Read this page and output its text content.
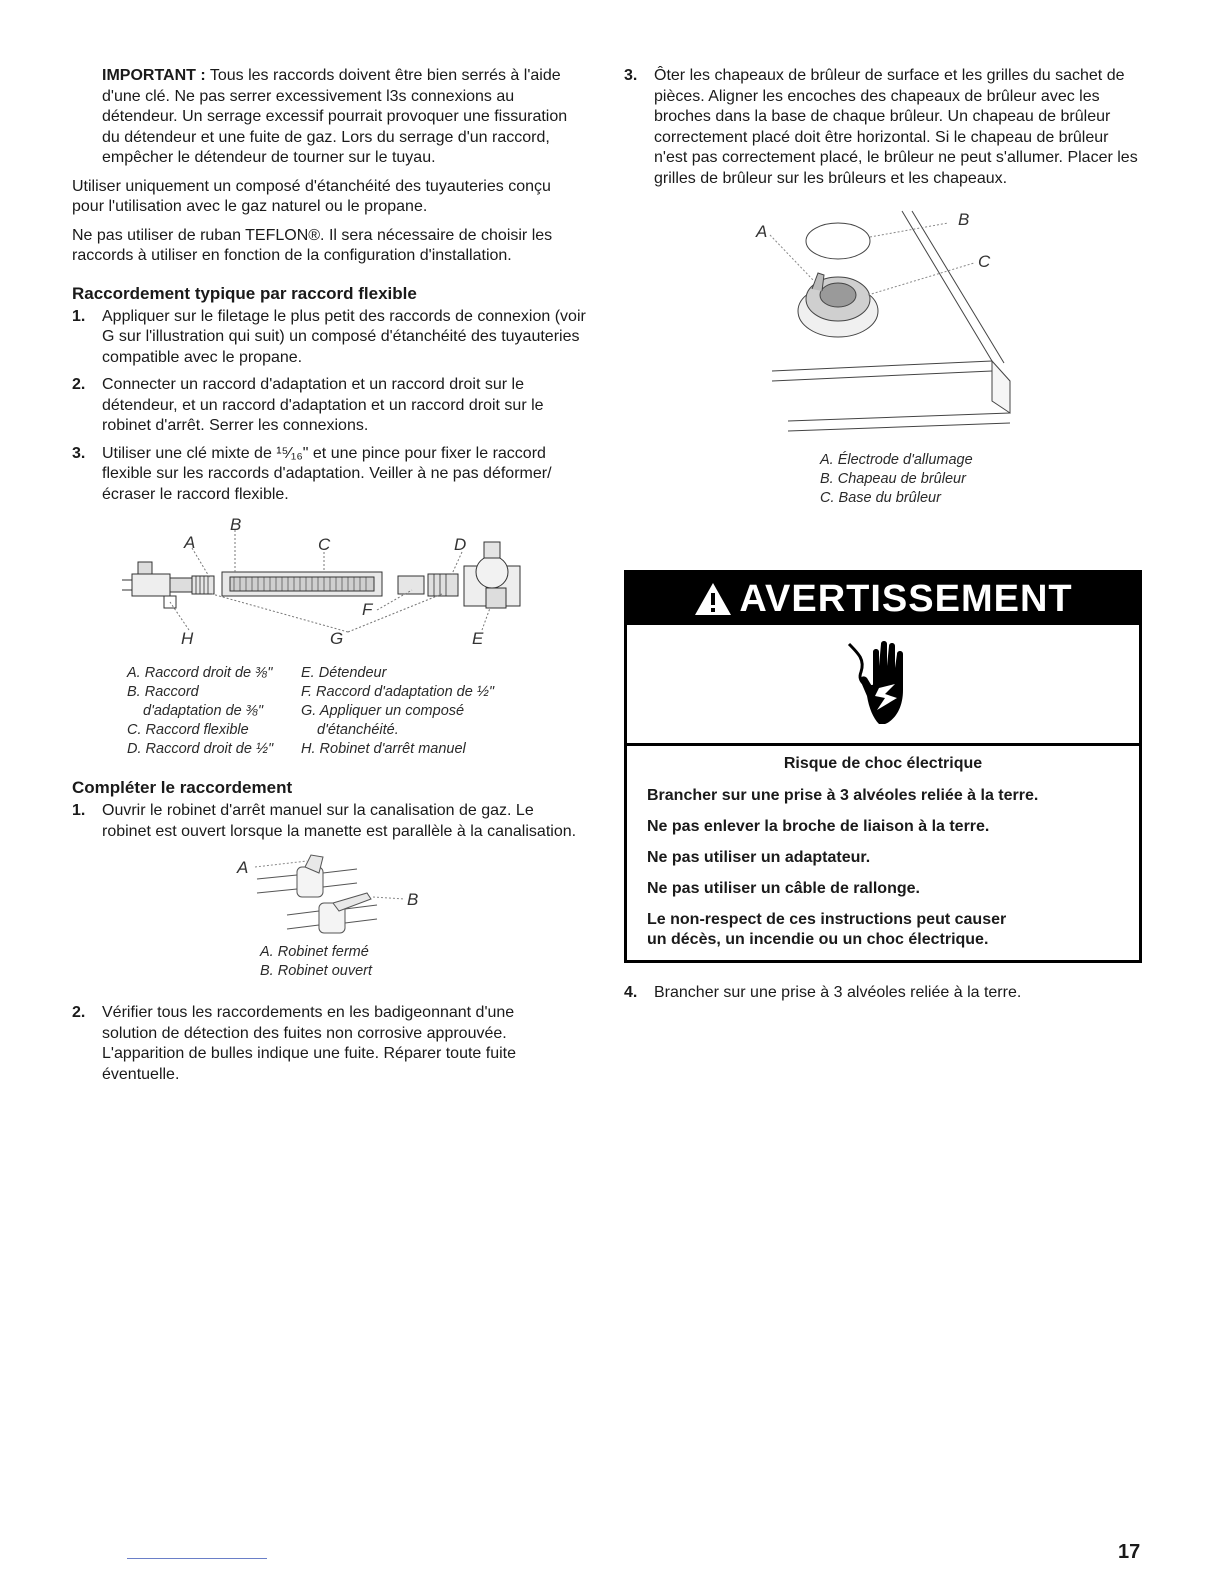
IMPORTANT : Tous les raccords doivent être bien serrés à l'aide d'une clé. Ne pas serrer excessivement l3s connexions au détendeur. Un serrage excessif pourrait provoquer une fissuration du détendeur et une fuite de gaz. Lors du serrage d'un raccord, empêcher le détendeur de tourner sur le tuyau.

Utiliser uniquement un composé d'étanchéité des tuyauteries conçu pour l'utilisation avec le gaz naturel ou le propane.

Ne pas utiliser de ruban TEFLON®. Il sera nécessaire de choisir les raccords à utiliser en fonction de la configuration d'installation.

Raccordement typique par raccord flexible
1. Appliquer sur le filetage le plus petit des raccords de connexion (voir G sur l'illustration qui suit) un composé d'étanchéité des tuyauteries compatible avec le propane.
2. Connecter un raccord d'adaptation et un raccord droit sur le détendeur, et un raccord d'adaptation et un raccord droit sur le robinet d'arrêt. Serrer les connexions.
3. Utiliser une clé mixte de ¹⁵⁄₁₆" et une pince pour fixer le raccord flexible sur les raccords d'adaptation. Veiller à ne pas déformer/écraser le raccord flexible.
B
A	C	D
F
H	G	E
A. Raccord droit de ⅜"
B. Raccord
d'adaptation de ⅜"
C. Raccord flexible
D. Raccord droit de ½"
E. Détendeur
F. Raccord d'adaptation de ½"
G. Appliquer un composé
d'étanchéité.
H. Robinet d'arrêt manuel
Compléter le raccordement
1. Ouvrir le robinet d'arrêt manuel sur la canalisation de gaz. Le robinet est ouvert lorsque la manette est parallèle à la canalisation.
A
B
A. Robinet fermé
B. Robinet ouvert
2. Vérifier tous les raccordements en les badigeonnant d'une solution de détection des fuites non corrosive approuvée. L'apparition de bulles indique une fuite. Réparer toute fuite éventuelle.
3. Ôter les chapeaux de brûleur de surface et les grilles du sachet de pièces. Aligner les encoches des chapeaux de brûleur avec les broches dans la base de chaque brûleur. Un chapeau de brûleur correctement placé doit être horizontal. Si le chapeau de brûleur n'est pas correctement placé, le brûleur ne peut s'allumer. Placer les grilles de brûleur sur les brûleurs et les chapeaux.
A
B
C
A. Électrode d'allumage
B. Chapeau de brûleur
C. Base du brûleur
AVERTISSEMENT

Risque de choc électrique

Brancher sur une prise à 3 alvéoles reliée à la terre.

Ne pas enlever la broche de liaison à la terre.

Ne pas utiliser un adaptateur.

Ne pas utiliser un câble de rallonge.

Le non-respect de ces instructions peut causer
un décès, un incendie ou un choc électrique.

4. Brancher sur une prise à 3 alvéoles reliée à la terre.
17
